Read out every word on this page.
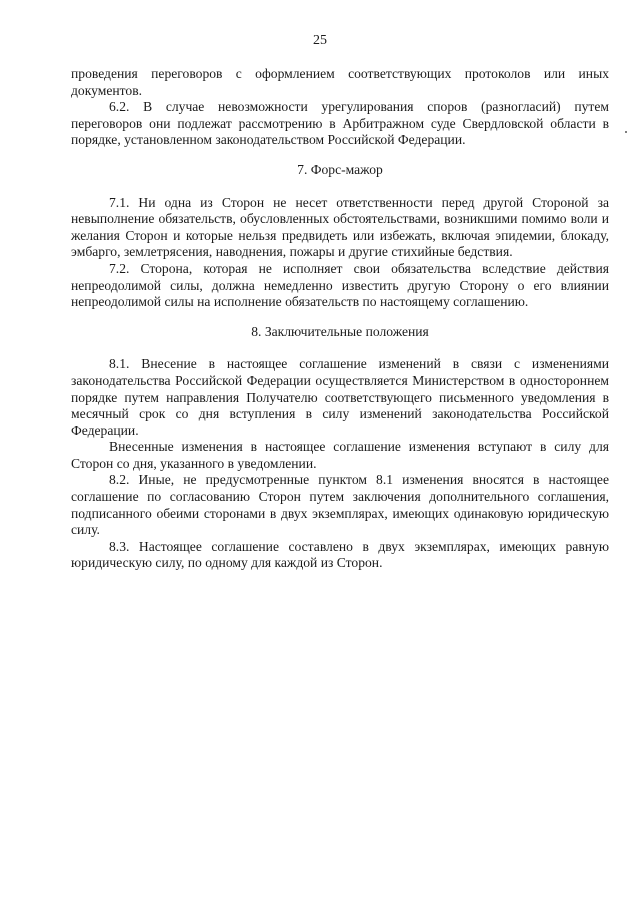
25

проведения переговоров с оформлением соответствующих протоколов или иных документов.

6.2. В случае невозможности урегулирования споров (разногласий) путем переговоров они подлежат рассмотрению в Арбитражном суде Свердловской области в порядке, установленном законодательством Российской Федерации.

7. Форс-мажор

7.1. Ни одна из Сторон не несет ответственности перед другой Стороной за невыполнение обязательств, обусловленных обстоятельствами, возникшими помимо воли и желания Сторон и которые нельзя предвидеть или избежать, включая эпидемии, блокаду, эмбарго, землетрясения, наводнения, пожары и другие стихийные бедствия.

7.2. Сторона, которая не исполняет свои обязательства вследствие действия непреодолимой силы, должна немедленно известить другую Сторону о его влиянии непреодолимой силы на исполнение обязательств по настоящему соглашению.

8. Заключительные положения

8.1. Внесение в настоящее соглашение изменений в связи с изменениями законодательства Российской Федерации осуществляется Министерством в одностороннем порядке путем направления Получателю соответствующего письменного уведомления в месячный срок со дня вступления в силу изменений законодательства Российской Федерации.

Внесенные изменения в настоящее соглашение изменения вступают в силу для Сторон со дня, указанного в уведомлении.

8.2. Иные, не предусмотренные пунктом 8.1 изменения вносятся в настоящее соглашение по согласованию Сторон путем заключения дополнительного соглашения, подписанного обеими сторонами в двух экземплярах, имеющих одинаковую юридическую силу.

8.3. Настоящее соглашение составлено в двух экземплярах, имеющих равную юридическую силу, по одному для каждой из Сторон.
